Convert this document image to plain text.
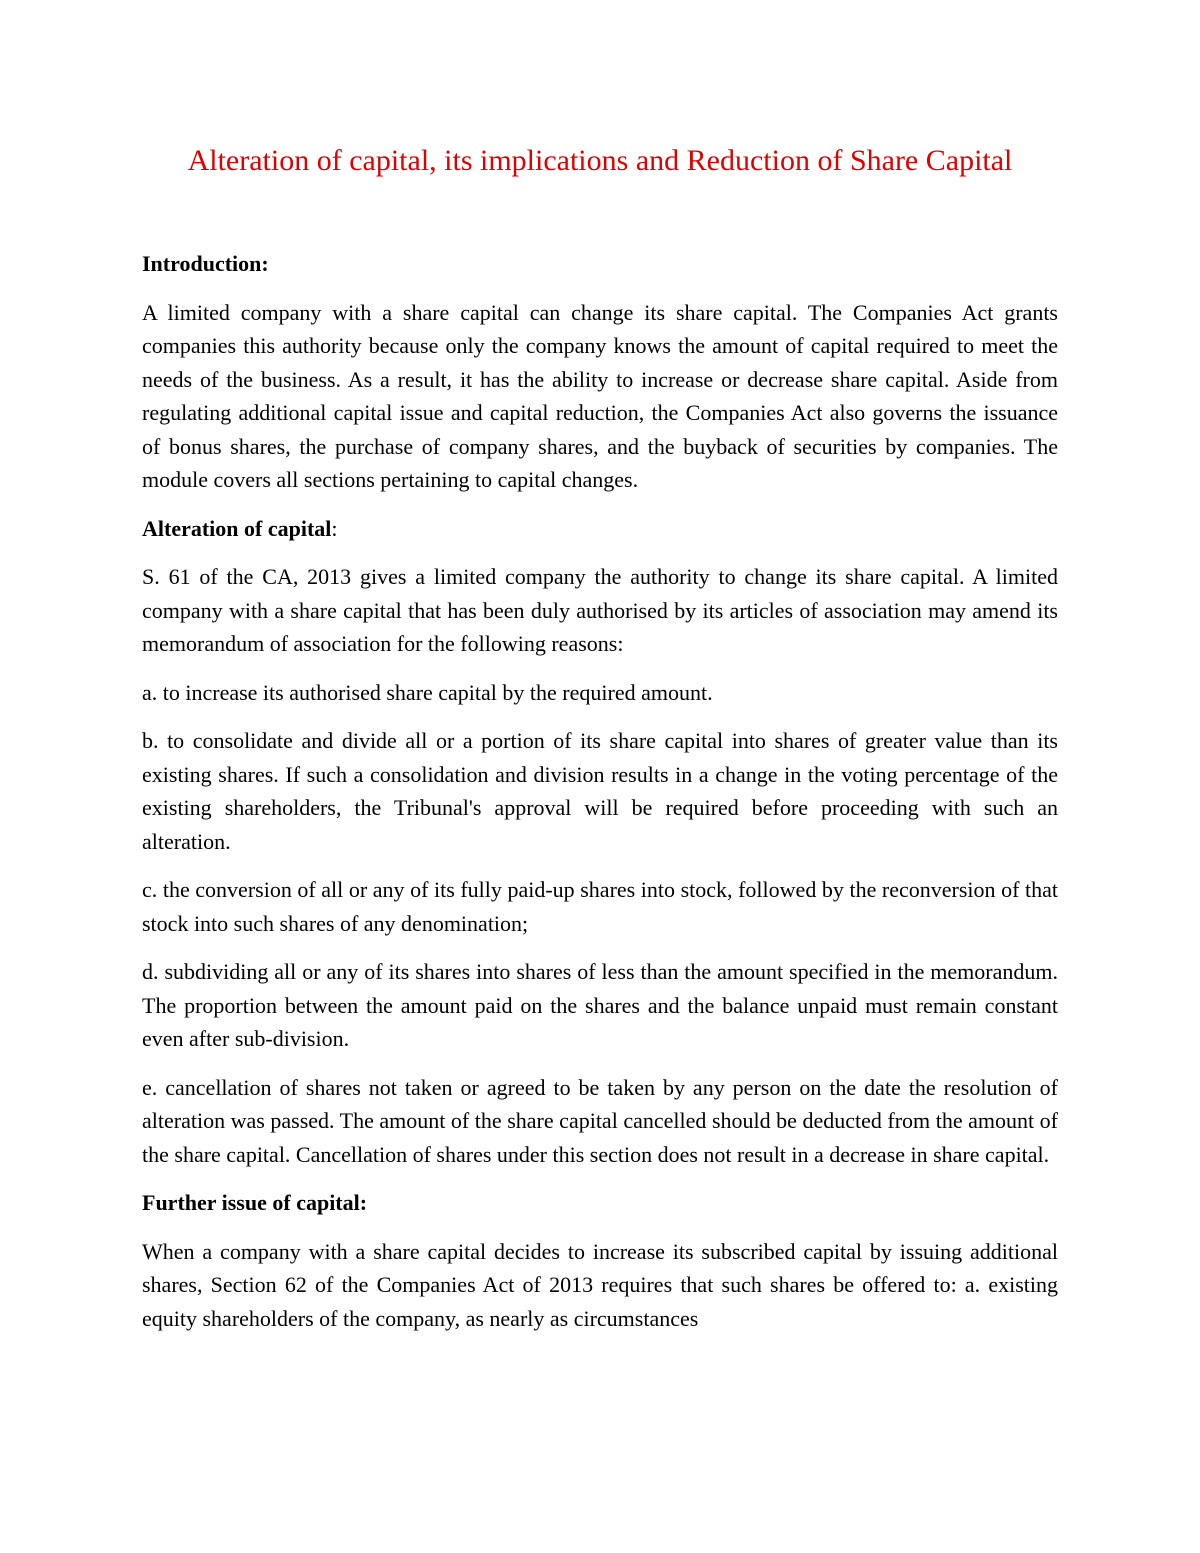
Alteration of capital, its implications and Reduction of Share Capital

Introduction:

A limited company with a share capital can change its share capital. The Companies Act grants companies this authority because only the company knows the amount of capital required to meet the needs of the business. As a result, it has the ability to increase or decrease share capital. Aside from regulating additional capital issue and capital reduction, the Companies Act also governs the issuance of bonus shares, the purchase of company shares, and the buyback of securities by companies. The module covers all sections pertaining to capital changes.

Alteration of capital:

S. 61 of the CA, 2013 gives a limited company the authority to change its share capital. A limited company with a share capital that has been duly authorised by its articles of association may amend its memorandum of association for the following reasons:

a. to increase its authorised share capital by the required amount.

b. to consolidate and divide all or a portion of its share capital into shares of greater value than its existing shares. If such a consolidation and division results in a change in the voting percentage of the existing shareholders, the Tribunal's approval will be required before proceeding with such an alteration.

c. the conversion of all or any of its fully paid-up shares into stock, followed by the reconversion of that stock into such shares of any denomination;

d. subdividing all or any of its shares into shares of less than the amount specified in the memorandum. The proportion between the amount paid on the shares and the balance unpaid must remain constant even after sub-division.

e. cancellation of shares not taken or agreed to be taken by any person on the date the resolution of alteration was passed. The amount of the share capital cancelled should be deducted from the amount of the share capital. Cancellation of shares under this section does not result in a decrease in share capital.

Further issue of capital:

When a company with a share capital decides to increase its subscribed capital by issuing additional shares, Section 62 of the Companies Act of 2013 requires that such shares be offered to: a. existing equity shareholders of the company, as nearly as circumstances
